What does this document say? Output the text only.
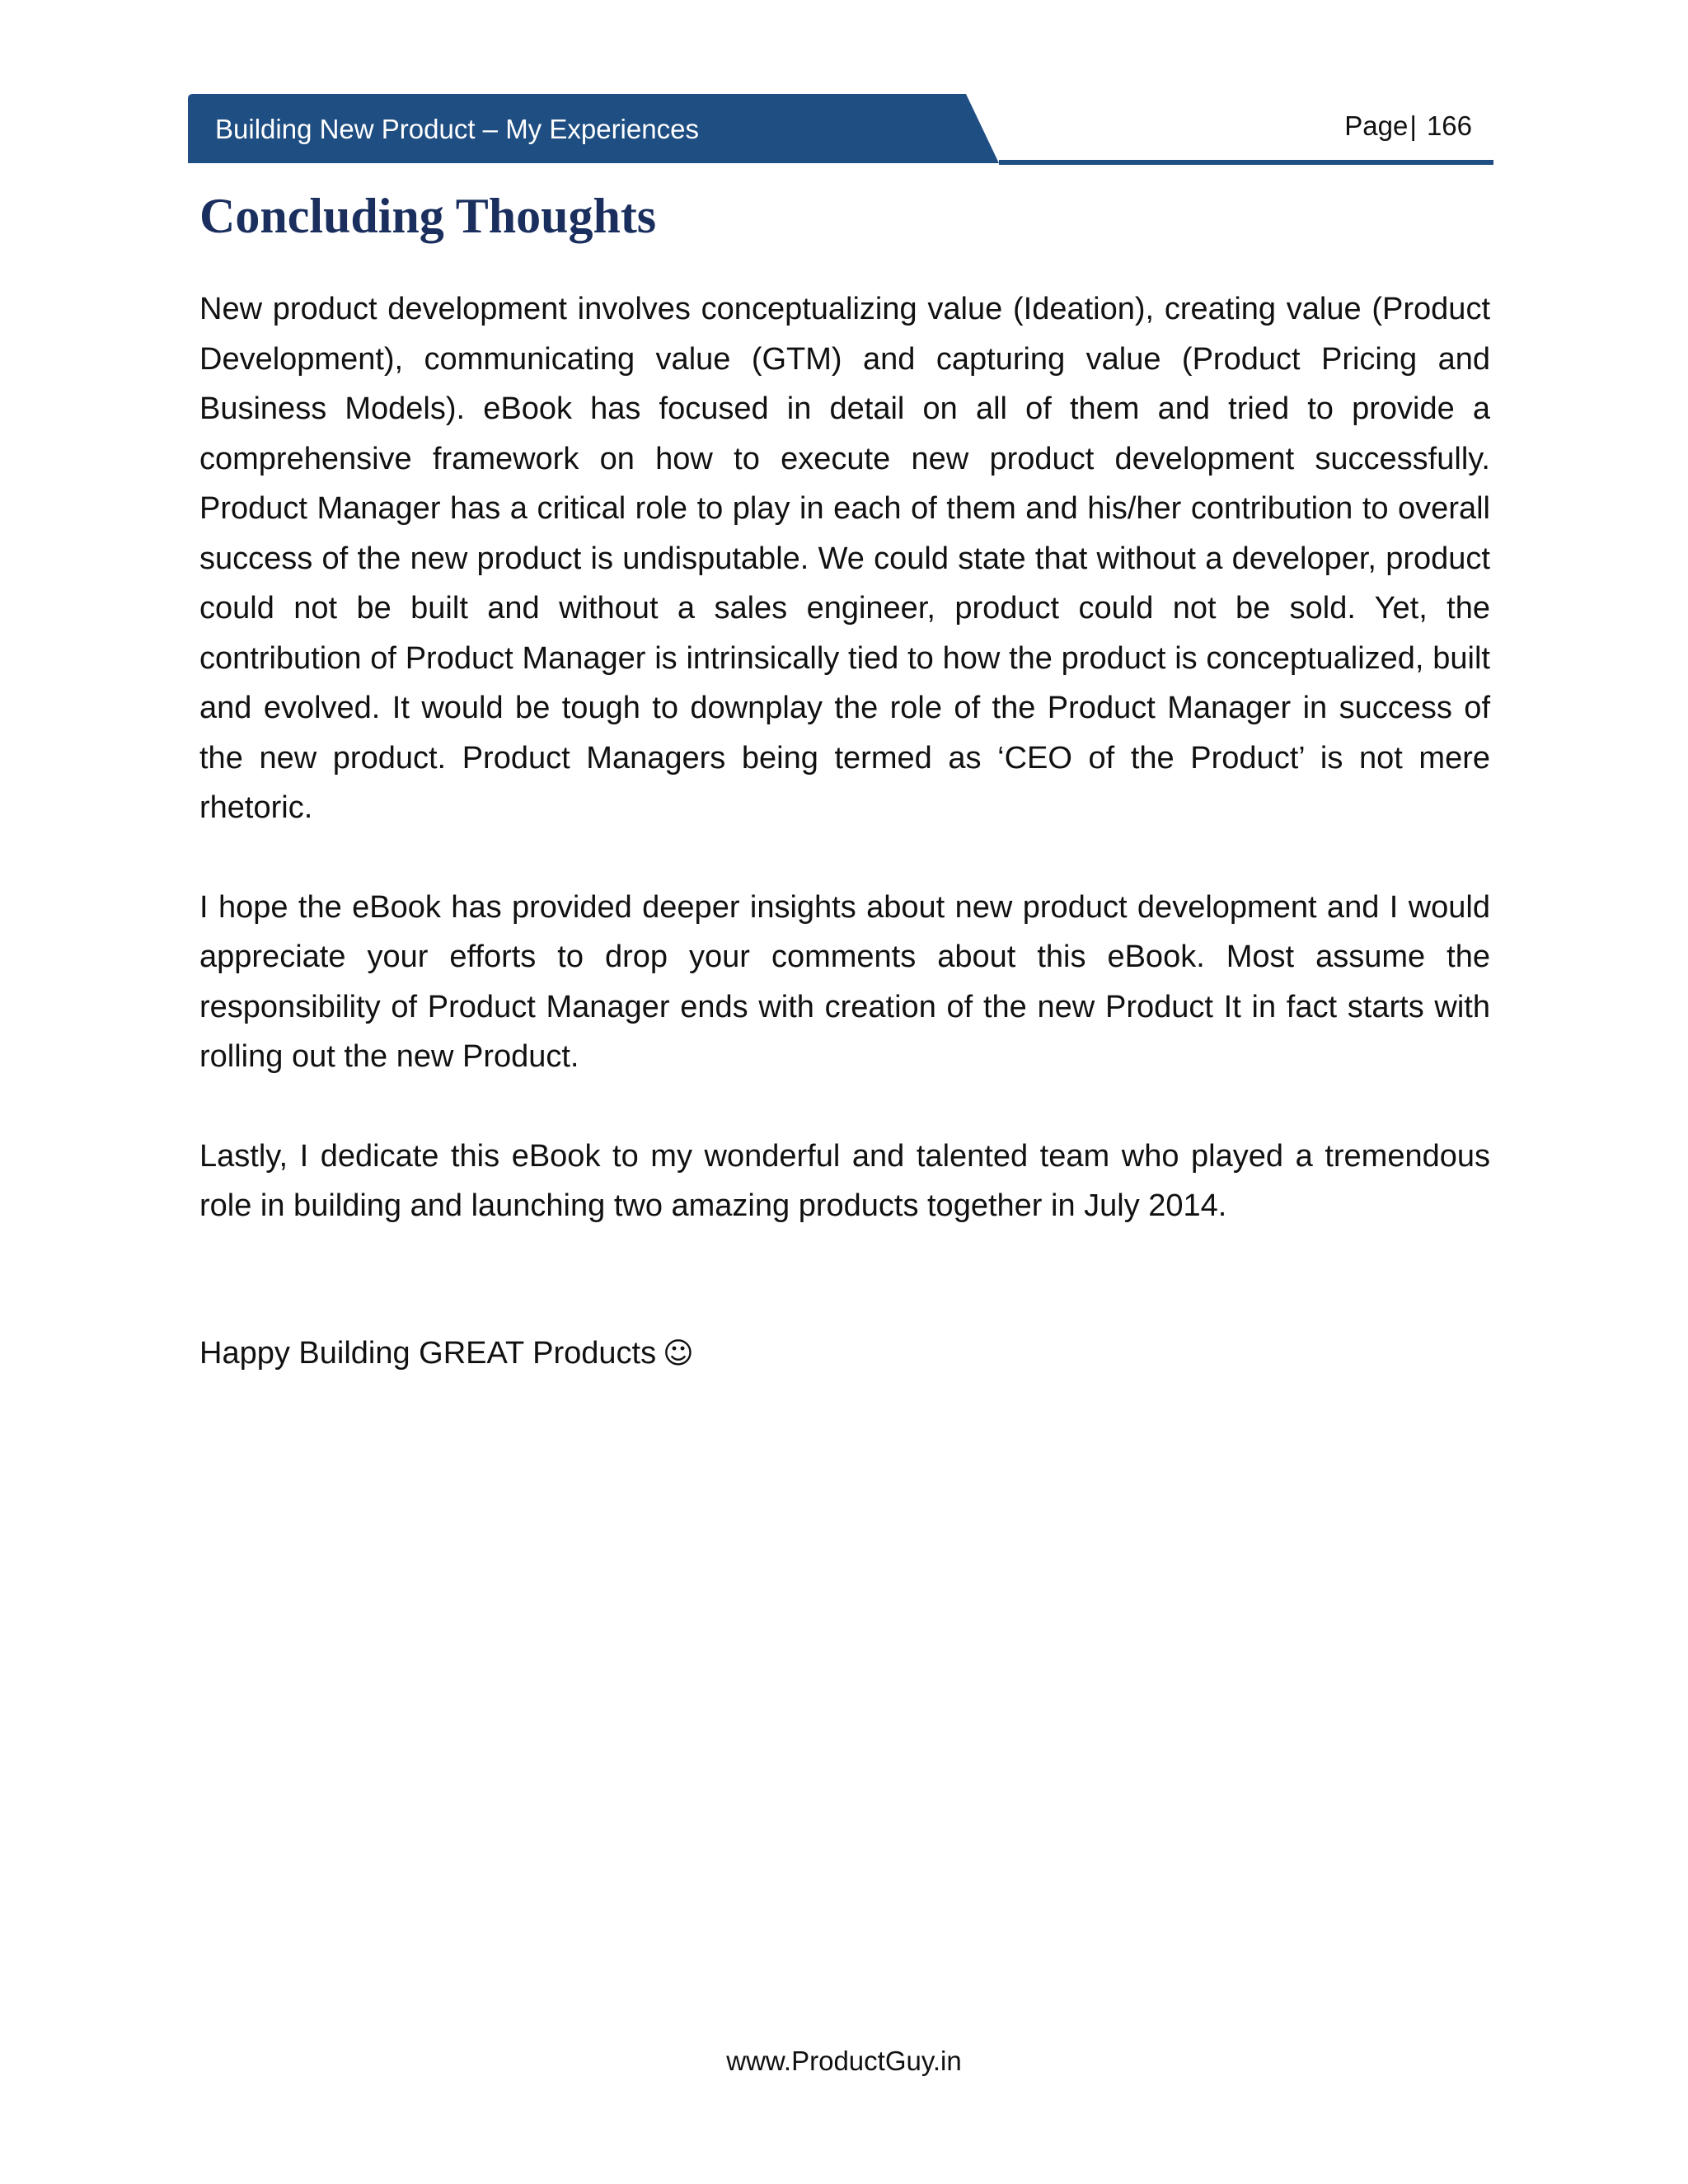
Building New Product – My Experiences	Page| 166
Concluding Thoughts

New product development involves conceptualizing value (Ideation), creating value (Product Development), communicating value (GTM) and capturing value (Product Pricing and Business Models). eBook has focused in detail on all of them and tried to provide a comprehensive framework on how to execute new product development successfully. Product Manager has a critical role to play in each of them and his/her contribution to overall success of the new product is undisputable. We could state that without a developer, product could not be built and without a sales engineer, product could not be sold. Yet, the contribution of Product Manager is intrinsically tied to how the product is conceptualized, built and evolved. It would be tough to downplay the role of the Product Manager in success of the new product. Product Managers being termed as ‘CEO of the Product’ is not mere rhetoric.

I hope the eBook has provided deeper insights about new product development and I would appreciate your efforts to drop your comments about this eBook. Most assume the responsibility of Product Manager ends with creation of the new Product It in fact starts with rolling out the new Product.

Lastly, I dedicate this eBook to my wonderful and talented team who played a tremendous role in building and launching two amazing products together in July 2014.

Happy Building GREAT Products ☺
www.ProductGuy.in
